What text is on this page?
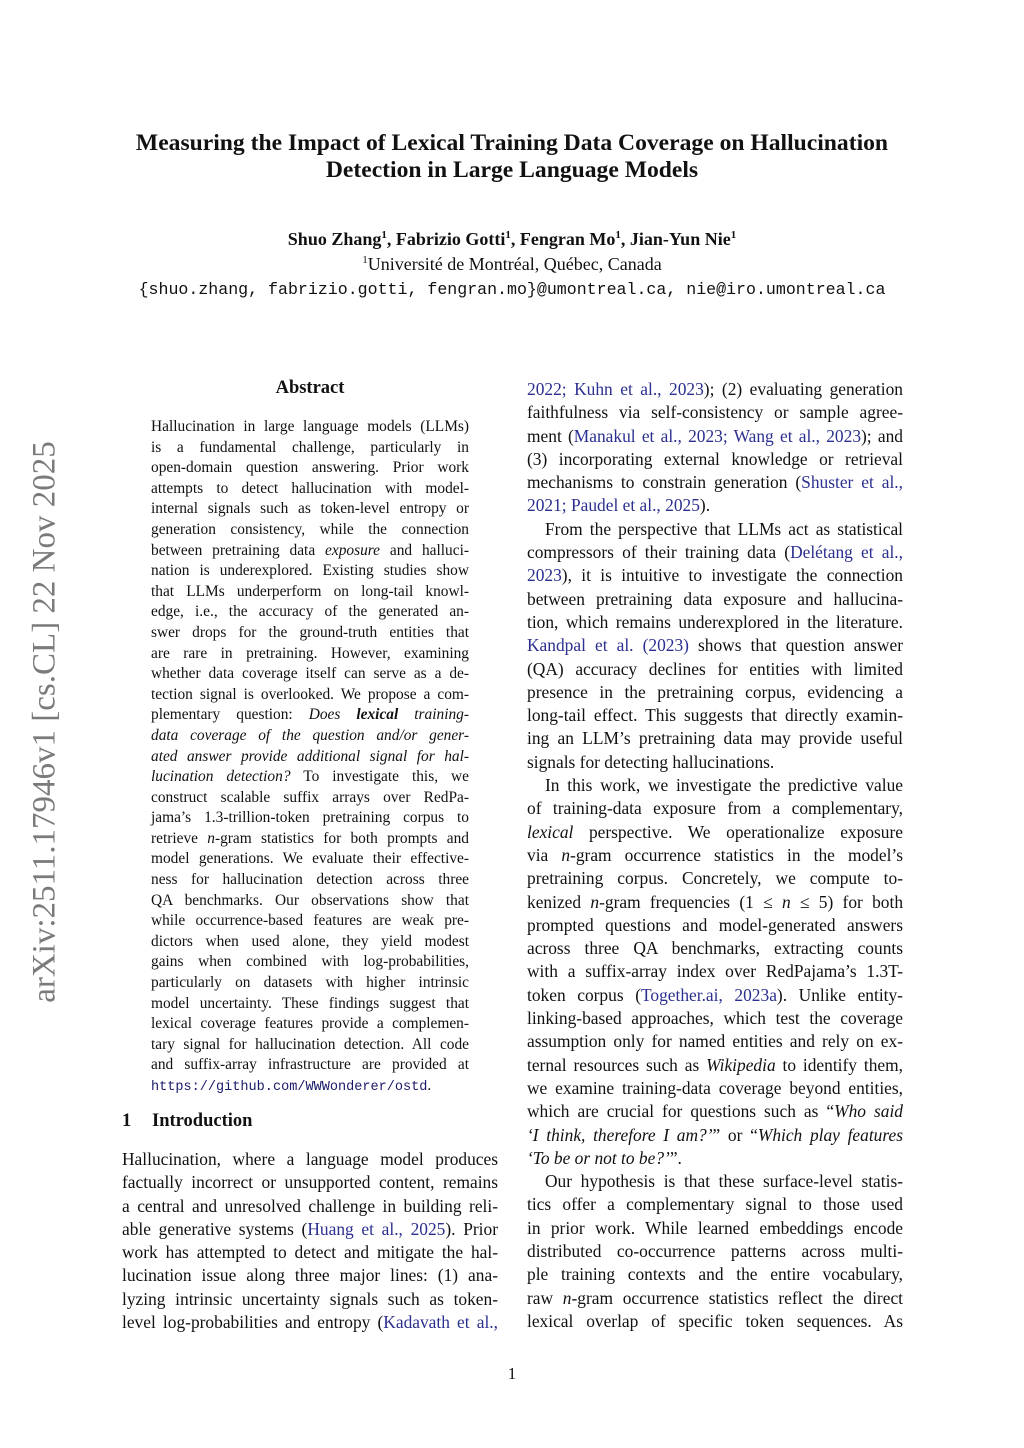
arXiv:2511.17946v1 [cs.CL] 22 Nov 2025
Measuring the Impact of Lexical Training Data Coverage on Hallucination
Detection in Large Language Models
Shuo Zhang$^1$, Fabrizio Gotti$^1$, Fengran Mo$^1$, Jian-Yun Nie$^1$
$^1$Université de Montréal, Québec, Canada
{shuo.zhang, fabrizio.gotti, fengran.mo}@umontreal.ca, nie@iro.umontreal.ca
Abstract
Hallucination in large language models (LLMs)
is a fundamental challenge, particularly in
open-domain question answering. Prior work
attempts to detect hallucination with model-
internal signals such as token-level entropy or
generation consistency, while the connection
between pretraining data exposure and halluci-
nation is underexplored. Existing studies show
that LLMs underperform on long-tail knowl-
edge, i.e., the accuracy of the generated an-
swer drops for the ground-truth entities that
are rare in pretraining. However, examining
whether data coverage itself can serve as a de-
tection signal is overlooked. We propose a com-
plementary question: Does lexical training-
data coverage of the question and/or gener-
ated answer provide additional signal for hal-
lucination detection? To investigate this, we
construct scalable suffix arrays over RedPa-
jama’s 1.3-trillion-token pretraining corpus to
retrieve n-gram statistics for both prompts and
model generations. We evaluate their effective-
ness for hallucination detection across three
QA benchmarks. Our observations show that
while occurrence-based features are weak pre-
dictors when used alone, they yield modest
gains when combined with log-probabilities,
particularly on datasets with higher intrinsic
model uncertainty. These findings suggest that
lexical coverage features provide a complemen-
tary signal for hallucination detection. All code
and suffix-array infrastructure are provided at
https://github.com/WWWonderer/ostd.
1 Introduction
Hallucination, where a language model produces
factually incorrect or unsupported content, remains
a central and unresolved challenge in building reli-
able generative systems (Huang et al., 2025). Prior
work has attempted to detect and mitigate the hal-
lucination issue along three major lines: (1) ana-
lyzing intrinsic uncertainty signals such as token-
level log-probabilities and entropy (Kadavath et al.,
2022; Kuhn et al., 2023); (2) evaluating generation
faithfulness via self-consistency or sample agree-
ment (Manakul et al., 2023; Wang et al., 2023); and
(3) incorporating external knowledge or retrieval
mechanisms to constrain generation (Shuster et al.,
2021; Paudel et al., 2025).
From the perspective that LLMs act as statistical
compressors of their training data (Delétang et al.,
2023), it is intuitive to investigate the connection
between pretraining data exposure and hallucina-
tion, which remains underexplored in the literature.
Kandpal et al. (2023) shows that question answer
(QA) accuracy declines for entities with limited
presence in the pretraining corpus, evidencing a
long-tail effect. This suggests that directly examin-
ing an LLM’s pretraining data may provide useful
signals for detecting hallucinations.
In this work, we investigate the predictive value
of training-data exposure from a complementary,
lexical perspective. We operationalize exposure
via n-gram occurrence statistics in the model’s
pretraining corpus. Concretely, we compute to-
kenized n-gram frequencies (1 ≤ n ≤ 5) for both
prompted questions and model-generated answers
across three QA benchmarks, extracting counts
with a suffix-array index over RedPajama’s 1.3T-
token corpus (Together.ai, 2023a). Unlike entity-
linking-based approaches, which test the coverage
assumption only for named entities and rely on ex-
ternal resources such as Wikipedia to identify them,
we examine training-data coverage beyond entities,
which are crucial for questions such as “Who said
‘I think, therefore I am?’” or “Which play features
‘To be or not to be?’”.
Our hypothesis is that these surface-level statis-
tics offer a complementary signal to those used
in prior work. While learned embeddings encode
distributed co-occurrence patterns across multi-
ple training contexts and the entire vocabulary,
raw n-gram occurrence statistics reflect the direct
lexical overlap of specific token sequences. As
1
